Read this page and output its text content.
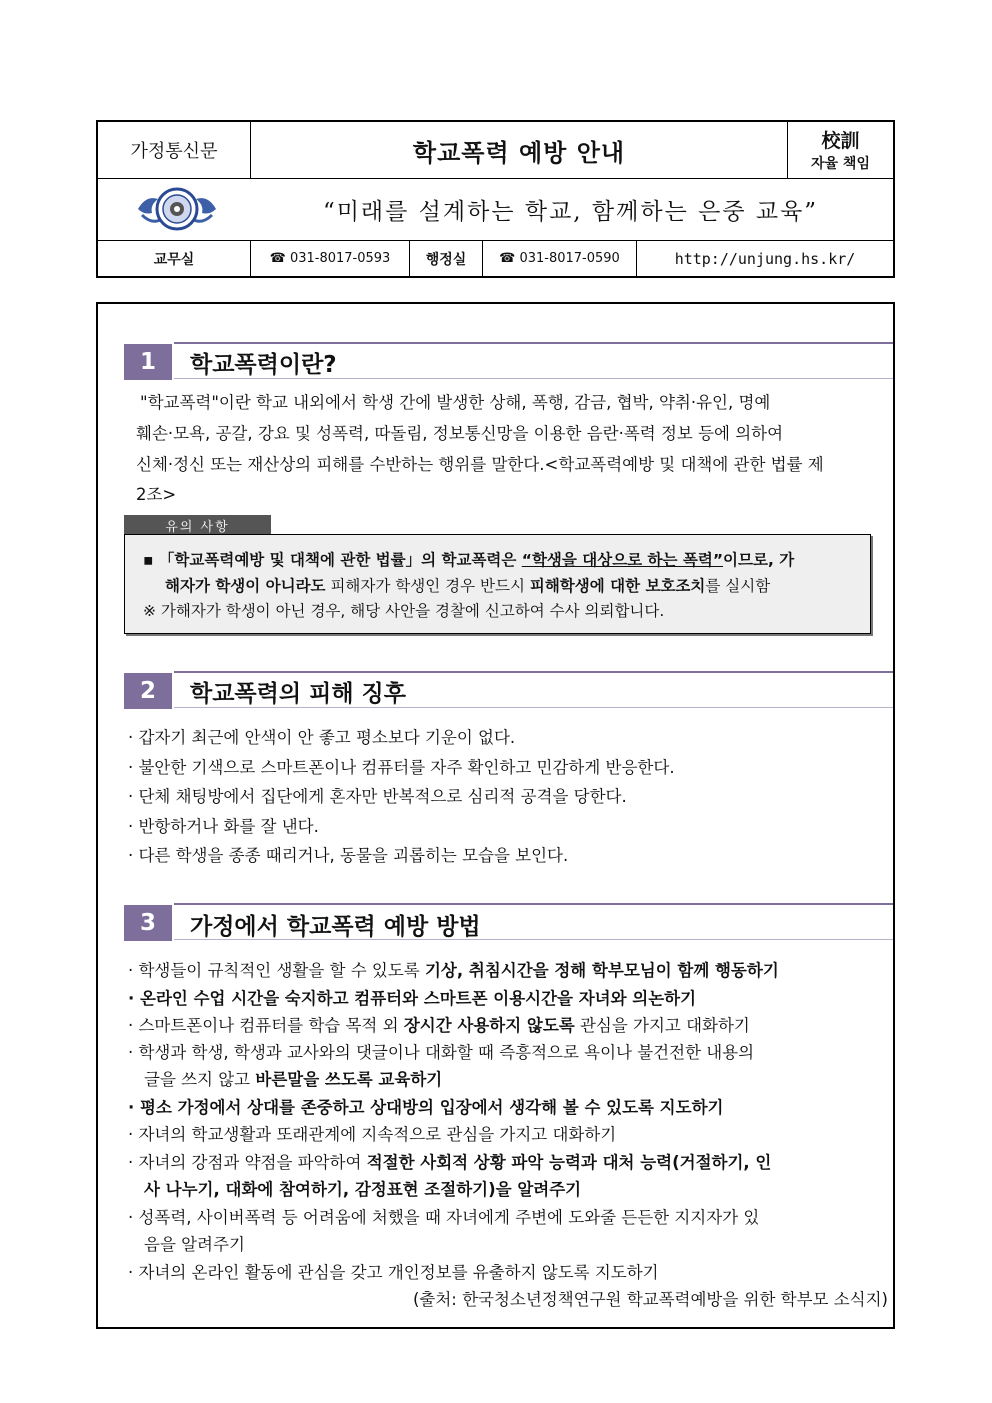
가정통신문	학교폭력 예방 안내	校訓
자율 책임
“미래를 설계하는 학교, 함께하는 은중 교육”
교무실	☎ 031-8017-0593	행정실	☎ 031-8017-0590	http://unjung.hs.kr/
1	학교폭력이란?
"학교폭력"이란 학교 내외에서 학생 간에 발생한 상해, 폭행, 감금, 협박, 약취·유인, 명예
훼손·모욕, 공갈, 강요 및 성폭력, 따돌림, 정보통신망을 이용한 음란·폭력 정보 등에 의하여
신체·정신 또는 재산상의 피해를 수반하는 행위를 말한다.<학교폭력예방 및 대책에 관한 법률 제
2조>
유의 사항
▪ 「학교폭력예방 및 대책에 관한 법률」의 학교폭력은 “학생을 대상으로 하는 폭력”이므로, 가
해자가 학생이 아니라도 피해자가 학생인 경우 반드시 피해학생에 대한 보호조치를 실시함
※ 가해자가 학생이 아닌 경우, 해당 사안을 경찰에 신고하여 수사 의뢰합니다.
2	학교폭력의 피해 징후
· 갑자기 최근에 안색이 안 좋고 평소보다 기운이 없다.
· 불안한 기색으로 스마트폰이나 컴퓨터를 자주 확인하고 민감하게 반응한다.
· 단체 채팅방에서 집단에게 혼자만 반복적으로 심리적 공격을 당한다.
· 반항하거나 화를 잘 낸다.
· 다른 학생을 종종 때리거나, 동물을 괴롭히는 모습을 보인다.
3	가정에서 학교폭력 예방 방법
· 학생들이 규칙적인 생활을 할 수 있도록 기상, 취침시간을 정해 학부모님이 함께 행동하기
· 온라인 수업 시간을 숙지하고 컴퓨터와 스마트폰 이용시간을 자녀와 의논하기
· 스마트폰이나 컴퓨터를 학습 목적 외 장시간 사용하지 않도록 관심을 가지고 대화하기
· 학생과 학생, 학생과 교사와의 댓글이나 대화할 때 즉흥적으로 욕이나 불건전한 내용의
글을 쓰지 않고 바른말을 쓰도록 교육하기
· 평소 가정에서 상대를 존중하고 상대방의 입장에서 생각해 볼 수 있도록 지도하기
· 자녀의 학교생활과 또래관계에 지속적으로 관심을 가지고 대화하기
· 자녀의 강점과 약점을 파악하여 적절한 사회적 상황 파악 능력과 대처 능력(거절하기, 인
사 나누기, 대화에 참여하기, 감정표현 조절하기)을 알려주기
· 성폭력, 사이버폭력 등 어려움에 처했을 때 자녀에게 주변에 도와줄 든든한 지지자가 있
음을 알려주기
· 자녀의 온라인 활동에 관심을 갖고 개인정보를 유출하지 않도록 지도하기
(출처: 한국청소년정책연구원 학교폭력예방을 위한 학부모 소식지)
